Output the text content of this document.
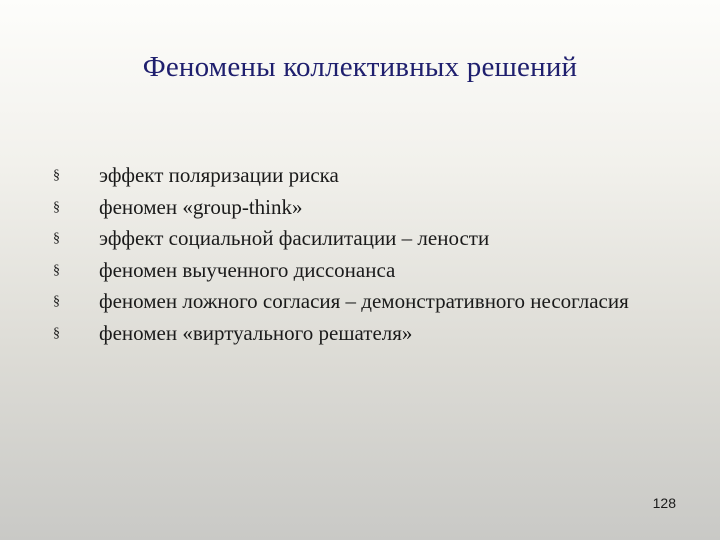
Феномены коллективных решений
§	эффект поляризации риска
§	феномен «group-think»
§	эффект социальной фасилитации – лености
§	феномен выученного диссонанса
§	феномен ложного согласия – демонстративного несогласия
§	феномен «виртуального решателя»
128
